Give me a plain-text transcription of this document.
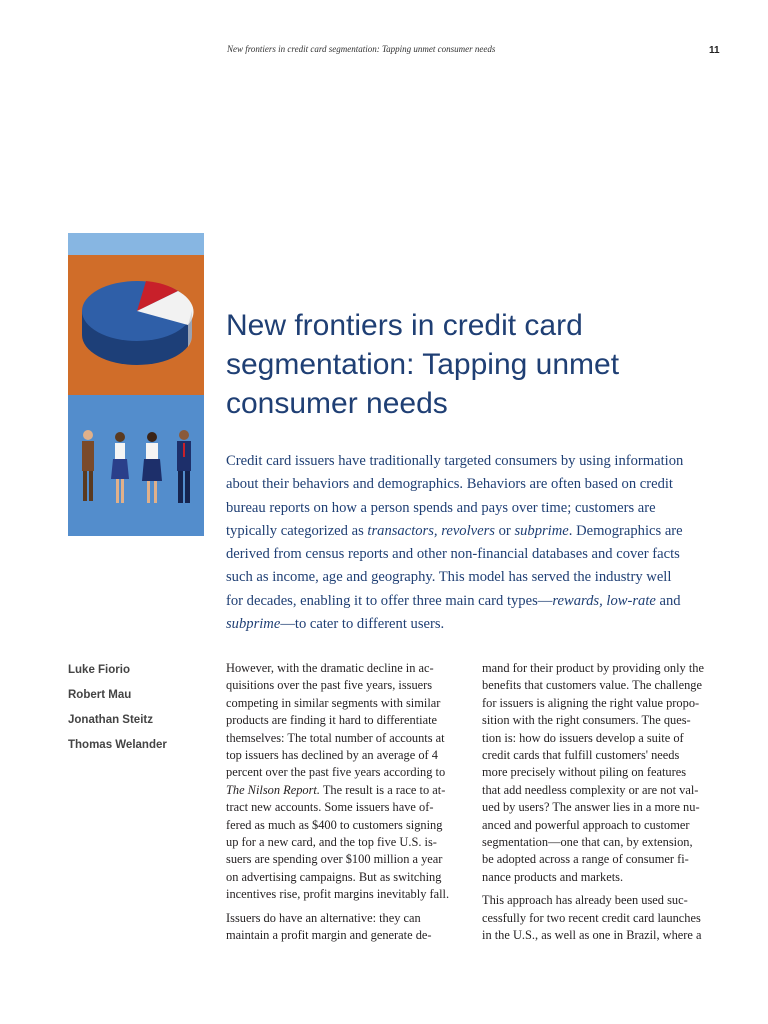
New frontiers in credit card segmentation: Tapping unmet consumer needs	11
New frontiers in credit card
segmentation: Tapping unmet
consumer needs

Credit card issuers have traditionally targeted consumers by using information
about their behaviors and demographics. Behaviors are often based on credit
bureau reports on how a person spends and pays over time; customers are
typically categorized as transactors, revolvers or subprime. Demographics are
derived from census reports and other non-financial databases and cover facts
such as income, age and geography. This model has served the industry well
for decades, enabling it to offer three main card types—rewards, low-rate and
subprime—to cater to different users.

Luke Fiorio
Robert Mau
Jonathan Steitz
Thomas Welander

However, with the dramatic decline in ac-
quisitions over the past five years, issuers
competing in similar segments with similar
products are finding it hard to differentiate
themselves: The total number of accounts at
top issuers has declined by an average of 4
percent over the past five years according to
The Nilson Report. The result is a race to at-
tract new accounts. Some issuers have of-
fered as much as $400 to customers signing
up for a new card, and the top five U.S. is-
suers are spending over $100 million a year
on advertising campaigns. But as switching
incentives rise, profit margins inevitably fall.

Issuers do have an alternative: they can
maintain a profit margin and generate de-

mand for their product by providing only the
benefits that customers value. The challenge
for issuers is aligning the right value propo-
sition with the right consumers. The ques-
tion is: how do issuers develop a suite of
credit cards that fulfill customers' needs
more precisely without piling on features
that add needless complexity or are not val-
ued by users? The answer lies in a more nu-
anced and powerful approach to customer
segmentation—one that can, by extension,
be adopted across a range of consumer fi-
nance products and markets.

This approach has already been used suc-
cessfully for two recent credit card launches
in the U.S., as well as one in Brazil, where a
